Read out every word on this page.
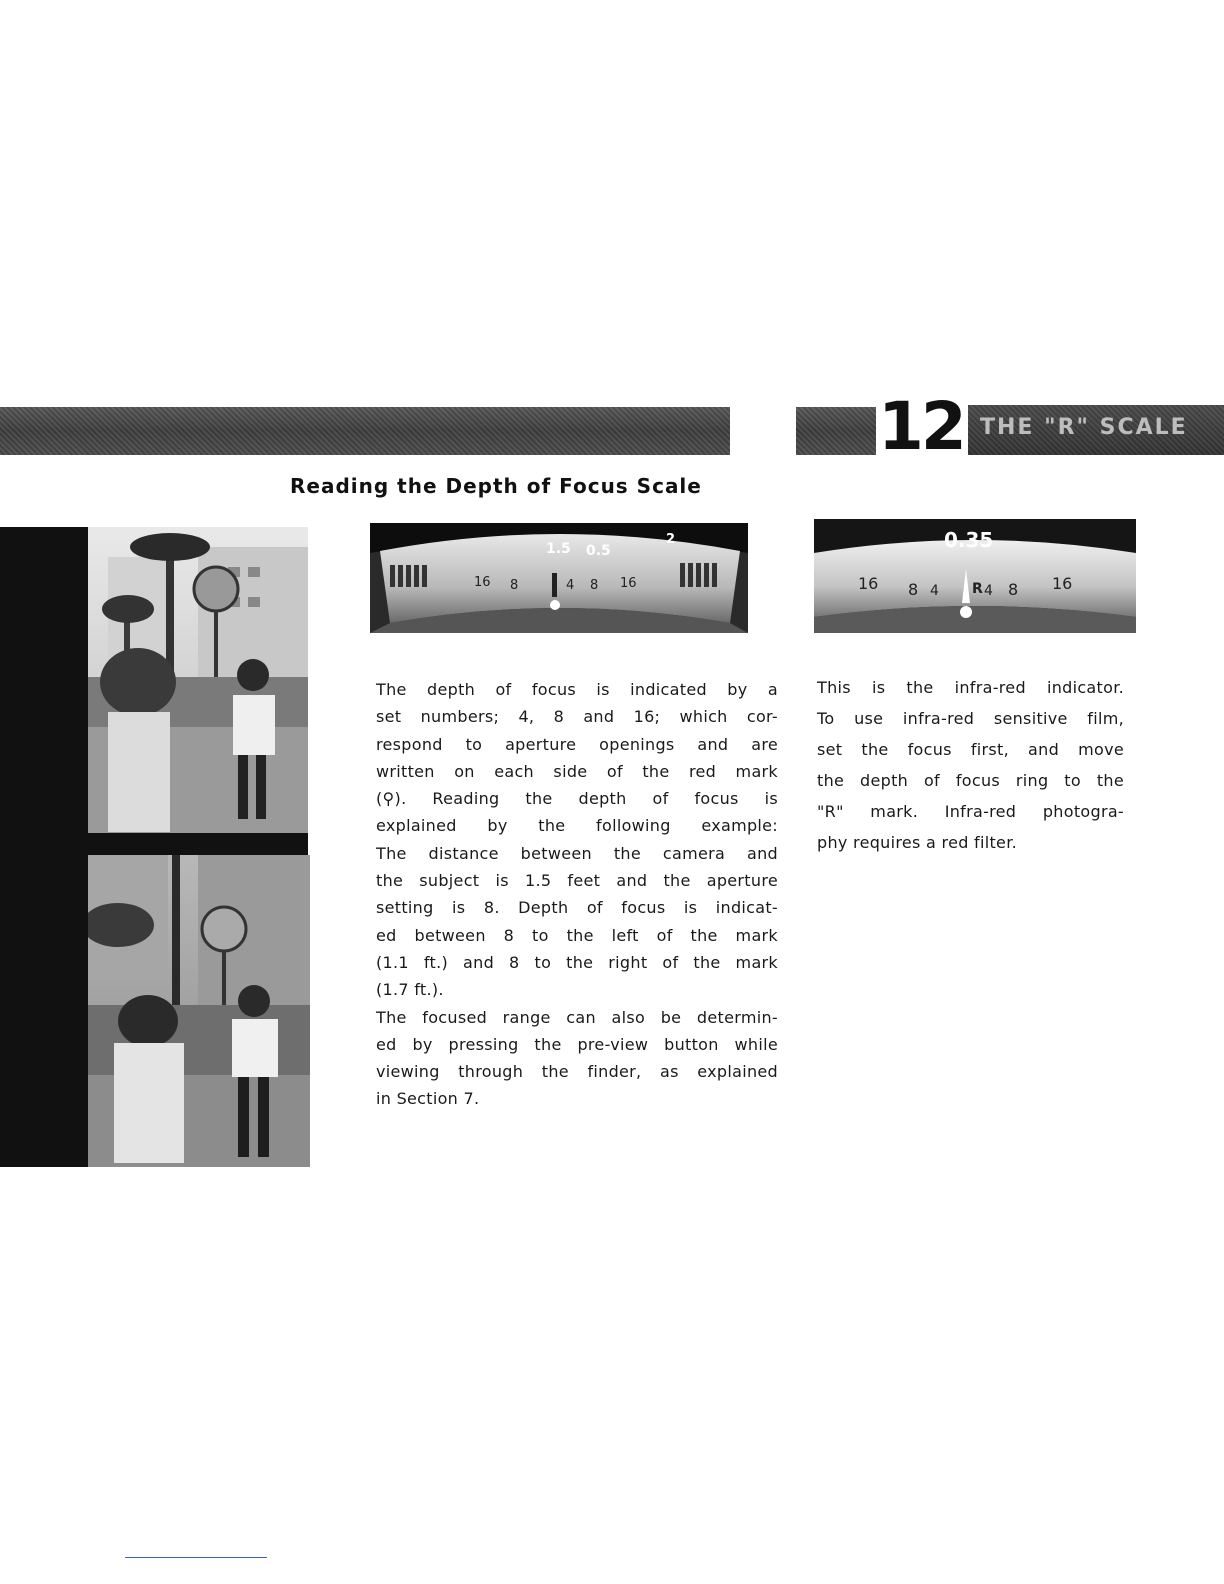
12 THE "R" SCALE
Reading the Depth of Focus Scale
1.5 0.5
2
16 8	4 8 16
0.35
16 8 4 R 4 8 16
The depth of focus is indicated by a
set numbers; 4, 8 and 16; which cor-
respond to aperture openings and are
written on each side of the red mark
(⚲). Reading the depth of focus is
explained by the following example:
The distance between the camera and
the subject is 1.5 feet and the aperture
setting is 8. Depth of focus is indicat-
ed between 8 to the left of the mark
(1.1 ft.) and 8 to the right of the mark
(1.7 ft.).
The focused range can also be determin-
ed by pressing the pre-view button while
viewing through the finder, as explained
in Section 7.
This is the infra-red indicator.
To use infra-red sensitive film,
set the focus first, and move
the depth of focus ring to the
"R" mark. Infra-red photogra-
phy requires a red filter.
